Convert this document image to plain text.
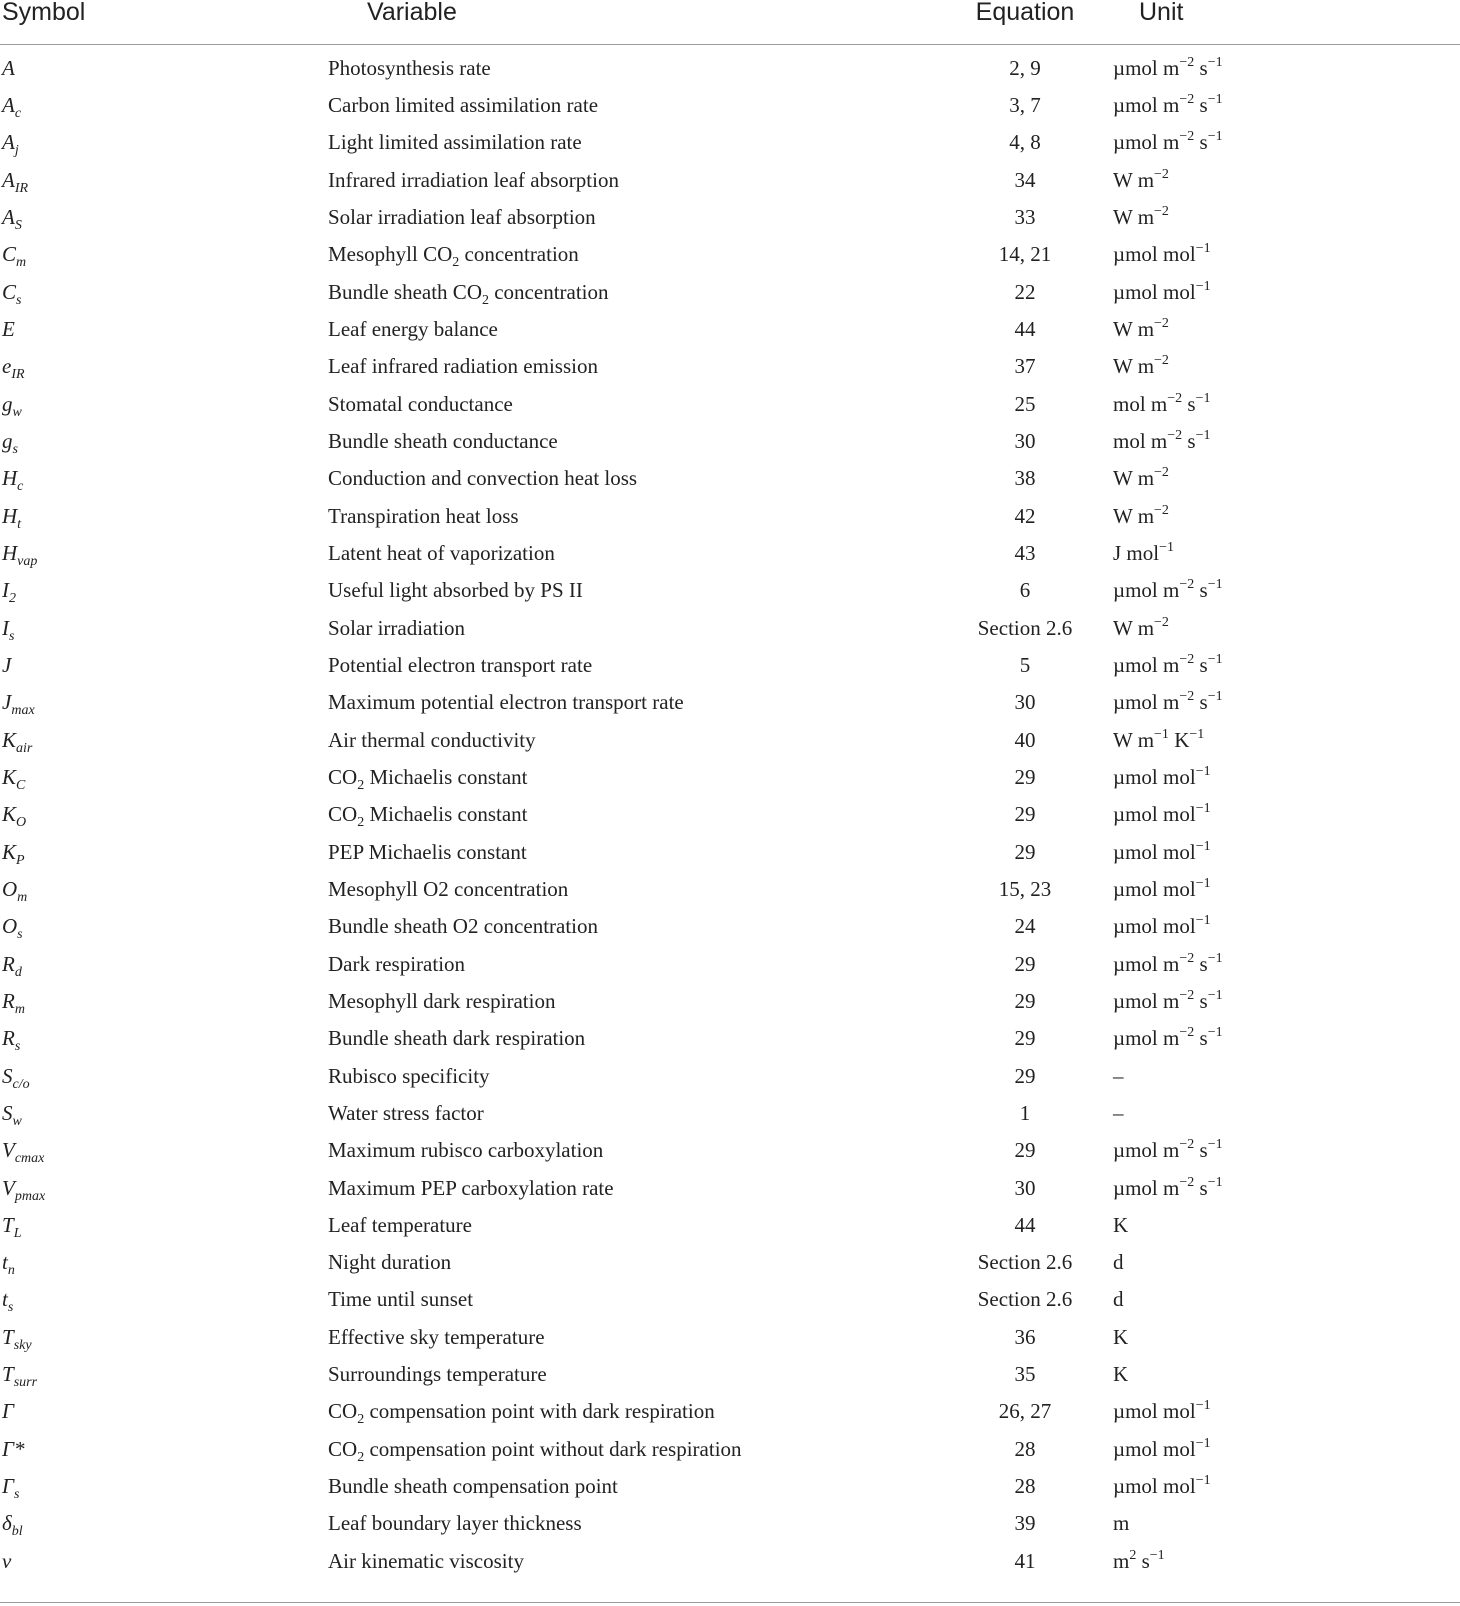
Symbol	Variable	Equation	Unit
A	Photosynthesis rate	2, 9	µmol $m^{-2}$ $s^{-1}$
$A_c$	Carbon limited assimilation rate	3, 7	µmol $m^{-2}$ $s^{-1}$
$A_j$	Light limited assimilation rate	4, 8	µmol $m^{-2}$ $s^{-1}$
$A_{IR}$	Infrared irradiation leaf absorption	34	W $m^{-2}$
$A_S$	Solar irradiation leaf absorption	33	W $m^{-2}$
$C_m$	Mesophyll $CO_2$ concentration	14, 21	µmol mol$^{-1}$
$C_s$	Bundle sheath $CO_2$ concentration	22	µmol mol$^{-1}$
E	Leaf energy balance	44	W $m^{-2}$
$e_{IR}$	Leaf infrared radiation emission	37	W $m^{-2}$
$g_w$	Stomatal conductance	25	mol $m^{-2}$ $s^{-1}$
$g_s$	Bundle sheath conductance	30	mol $m^{-2}$ $s^{-1}$
$H_c$	Conduction and convection heat loss	38	W $m^{-2}$
$H_t$	Transpiration heat loss	42	W $m^{-2}$
$H_{vap}$	Latent heat of vaporization	43	J mol$^{-1}$
$I_2$	Useful light absorbed by PS II	6	µmol $m^{-2}$ $s^{-1}$
$I_s$	Solar irradiation	Section 2.6	W $m^{-2}$
J	Potential electron transport rate	5	µmol $m^{-2}$ $s^{-1}$
$J_{max}$	Maximum potential electron transport rate	30	µmol $m^{-2}$ $s^{-1}$
$K_{air}$	Air thermal conductivity	40	W $m^{-1}$ $K^{-1}$
$K_C$	$CO_2$ Michaelis constant	29	µmol mol$^{-1}$
$K_O$	$CO_2$ Michaelis constant	29	µmol mol$^{-1}$
$K_P$	PEP Michaelis constant	29	µmol mol$^{-1}$
$O_m$	Mesophyll O2 concentration	15, 23	µmol mol$^{-1}$
$O_s$	Bundle sheath O2 concentration	24	µmol mol$^{-1}$
$R_d$	Dark respiration	29	µmol $m^{-2}$ $s^{-1}$
$R_m$	Mesophyll dark respiration	29	µmol $m^{-2}$ $s^{-1}$
$R_s$	Bundle sheath dark respiration	29	µmol $m^{-2}$ $s^{-1}$
$S_{c/o}$	Rubisco specificity	29	–
$S_w$	Water stress factor	1	–
$V_{cmax}$	Maximum rubisco carboxylation	29	µmol $m^{-2}$ $s^{-1}$
$V_{pmax}$	Maximum PEP carboxylation rate	30	µmol $m^{-2}$ $s^{-1}$
$T_L$	Leaf temperature	44	K
$t_n$	Night duration	Section 2.6	d
$t_s$	Time until sunset	Section 2.6	d
$T_{sky}$	Effective sky temperature	36	K
$T_{surr}$	Surroundings temperature	35	K
Γ	$CO_2$ compensation point with dark respiration	26, 27	µmol mol$^{-1}$
Γ*	$CO_2$ compensation point without dark respiration	28	µmol mol$^{-1}$
$\Gamma_s$	Bundle sheath compensation point	28	µmol mol$^{-1}$
$\delta_{bl}$	Leaf boundary layer thickness	39	m
ν	Air kinematic viscosity	41	$m^2$ $s^{-1}$
